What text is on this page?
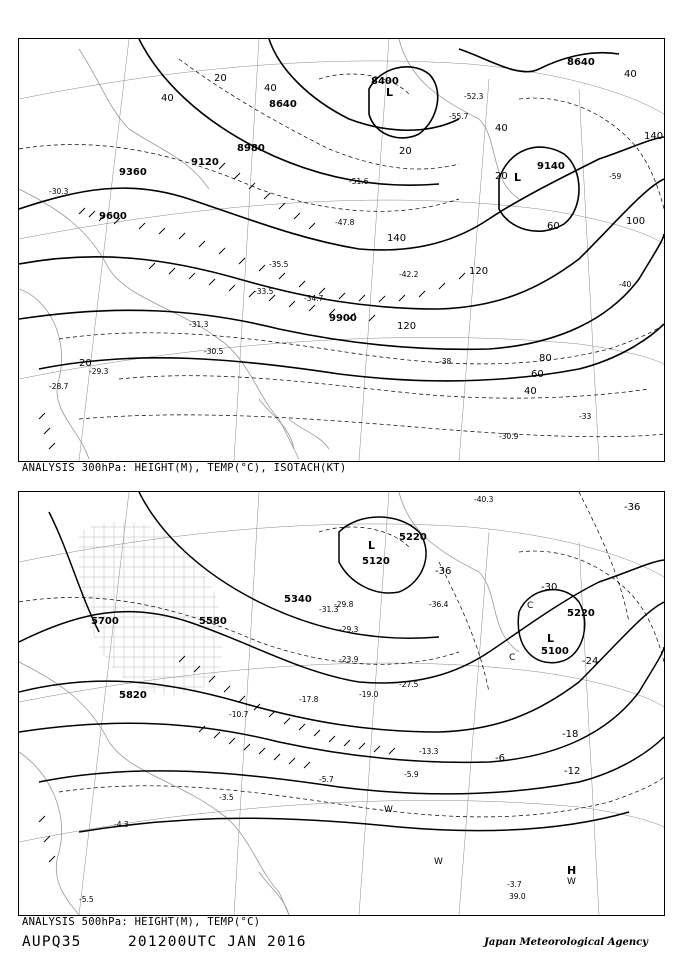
8400
8640
8640
8980
9120
9360
9600
9900
9140
20
40
40
20
40
20
40
60
80
100
120
120
140
140
20
40
60
-30.3
-31.3
-30.5
-33.5
-34.7
-35.5
-42.2
-47.8
-51.6
-52.3
-55.7
-59
-40
-38
-33
-30.9
-28.7
-29.3
L
L
ANALYSIS 300hPa: HEIGHT(M), TEMP(°C), ISOTACH(KT)
5100
5220
5220
5340
5580
5700
5820
5120
-36
-30
-24
-18
-12
-6
-36
-27.5
-29.3
-31.3
-19.0
-13.3
-5.9
-5.7
-3.5
-3.7
-4.3
-5.5
-10.7
-17.8
-23.9
-29.8
-40.3
-36.4
L
L
H
W
W
W
C
C
39.0
ANALYSIS 500hPa: HEIGHT(M), TEMP(°C)
AUPQ35	201200UTC JAN 2016	Japan Meteorological Agency
